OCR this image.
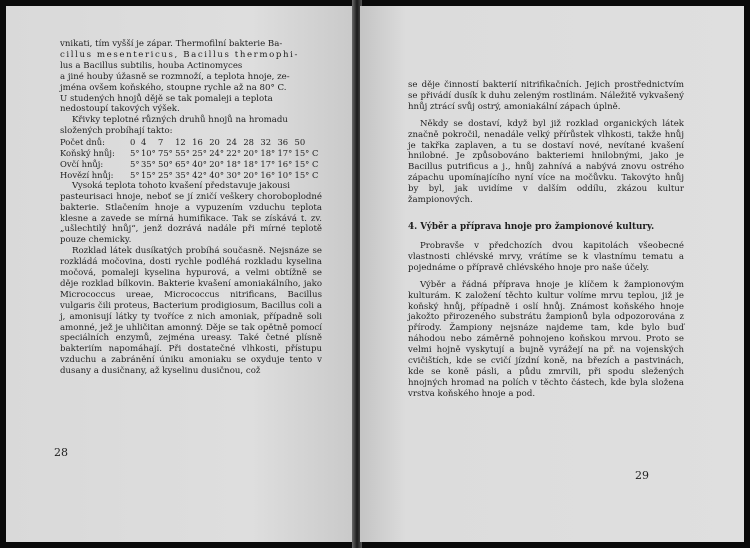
vnikati, tím vyšší je zápar. Thermofilní bakterie Ba-

cillus mesentericus, Bacillus thermophi-

lus a Bacillus subtilis, houba Actinomyces

a jiné houby úžasně se rozmnoží, a teplota hnoje, ze-

jména ovšem koňského, stoupne rychle až na 80° C.

U studených hnojů dějě se tak pomaleji a teplota

nedostoupí takových výšek.

Křivky teplotné různých druhů hnojů na hromadu

složených probíhají takto:

Počet dnů:	0	4	7	12	16	20	24	28	32	36	50
Koňský hnůj:	5°	10°	75°	55°	25°	24°	22°	20°	18°	17°	15° C
Ovčí hnůj:	5°	35°	50°	65°	40°	20°	18°	18°	17°	16°	15° C
Hovězí hnůj:	5°	15°	25°	35°	42°	40°	30°	20°	16°	10°	15° C

Vysoká teplota tohoto kvašení představuje jakousi

pasteurisaci hnoje, neboť se jí zničí veškery choroboplodné bakterie. Stlačením hnoje a vypuzením vzduchu teplota klesne a zavede se mírná humifikace. Tak se získává t. zv. „ušlechtilý hnůj“, jenž dozrává nadále při mírné teplotě pouze chemicky.

Rozklad látek dusíkatých probíhá současně. Nejsnáze se rozkládá močovina, dosti rychle podléhá rozkladu kyselina močová, pomaleji kyselina hypurová, a velmi obtížně se děje rozklad bílkovin. Bakterie kvašení amoniakálního, jako Micrococcus ureae, Micrococcus nitrificans, Bacillus vulgaris čili proteus, Bacterium prodigiosum, Bacillus coli a j, amonisují látky ty tvoříce z nich amoniak, případně soli amonné, jež je uhličitan amonný. Děje se tak opětně pomocí speciálních enzymů, zejména ureasy. Také četné plísně bakteriím napomáhají. Při dostatečné vlhkosti, přístupu vzduchu a zabránění úniku amoniaku se oxyduje tento v dusany a dusičnany, až kyselinu dusičnou, což

28

se děje činností bakterií nitrifikačních. Jejich prostřednictvím se přivádí dusík k duhu zeleným rostlinám. Náležitě vykvašený hnůj ztrácí svůj ostrý, amoniakální zápach úplně.

Někdy se dostaví, když byl již rozklad organických látek značně pokročil, nenadále velký přírůstek vlhkosti, takže hnůj je takřka zaplaven, a tu se dostaví nové, nevítané kvašení hnilobné. Je způsobováno bakteriemi hnilobnými, jako je Bacillus putrificus a j., hnůj zahnívá a nabývá znovu ostrého zápachu upomínajícího nyní více na močůvku. Takovýto hnůj by byl, jak uvidíme v dalším oddílu, zkázou kultur žampionových.

4. Výběr a příprava hnoje pro žampionové kultury.

Probravše v předchozích dvou kapitolách všeobecné vlastnosti chlévské mrvy, vrátíme se k vlastnímu tematu a pojednáme o přípravě chlévského hnoje pro naše účely.

Výběr a řádná příprava hnoje je klíčem k žampionovým kulturám. K založení těchto kultur volíme mrvu teplou, již je koňský hnůj, případně i oslí hnůj. Známost koňského hnoje jakožto přirozeného substrátu žampionů byla odpozorována z přírody. Žampiony nejsnáze najdeme tam, kde bylo buď náhodou nebo záměrně pohnojeno koňskou mrvou. Proto se velmi hojně vyskytují a bujně vyrážejí na př. na vojenských cvičištích, kde se cvičí jízdní koně, na březích a pastvinách, kde se koně pásli, a půdu zmrvili, při spodu sležených hnojných hromad na polích v těchto částech, kde byla složena vrstva koňského hnoje a pod.

29
